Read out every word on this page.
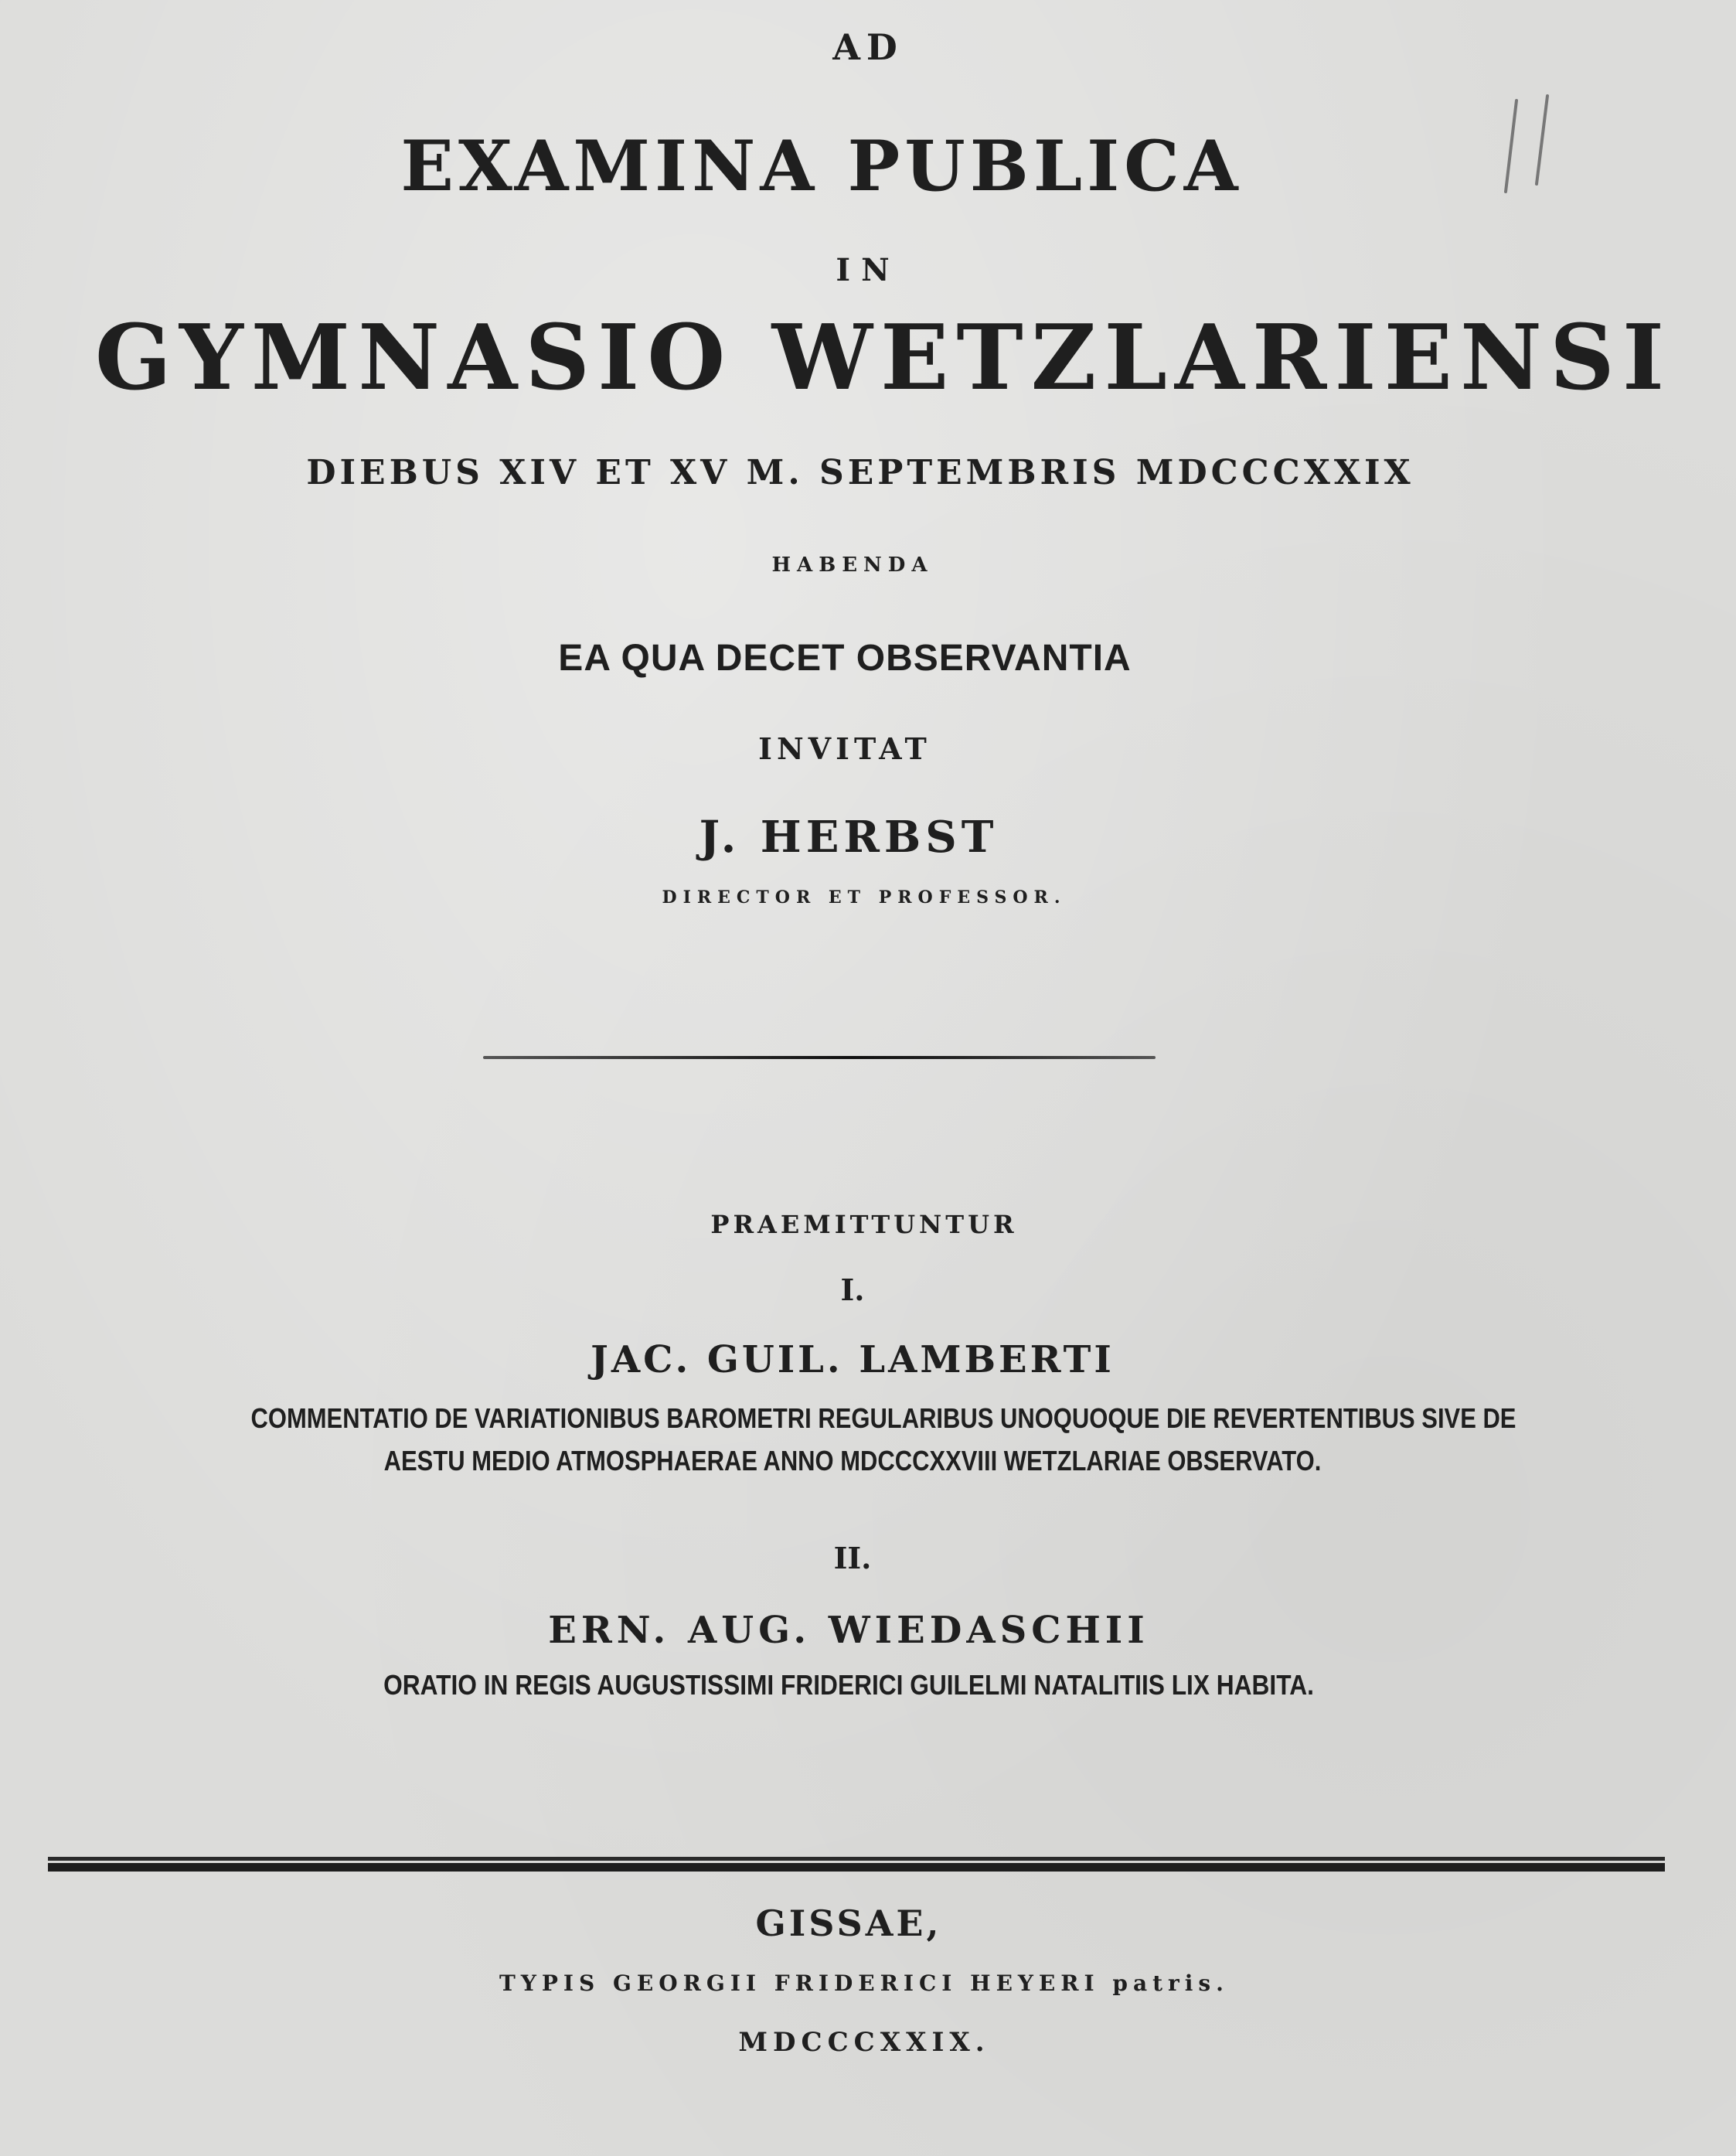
AD
EXAMINA PUBLICA
IN
GYMNASIO WETZLARIENSI
DIEBUS XIV ET XV M. SEPTEMBRIS MDCCCXXIX
HABENDA
EA QUA DECET OBSERVANTIA
INVITAT
J. HERBST
DIRECTOR ET PROFESSOR.
PRAEMITTUNTUR
I.
JAC. GUIL. LAMBERTI
COMMENTATIO DE VARIATIONIBUS BAROMETRI REGULARIBUS UNOQUOQUE DIE REVERTENTIBUS SIVE DE
AESTU MEDIO ATMOSPHAERAE ANNO MDCCCXXVIII WETZLARIAE OBSERVATO.
II.
ERN. AUG. WIEDASCHII
ORATIO IN REGIS AUGUSTISSIMI FRIDERICI GUILELMI NATALITIIS LIX HABITA.
GISSAE,
TYPIS GEORGII FRIDERICI HEYERI patris.
MDCCCXXIX.
